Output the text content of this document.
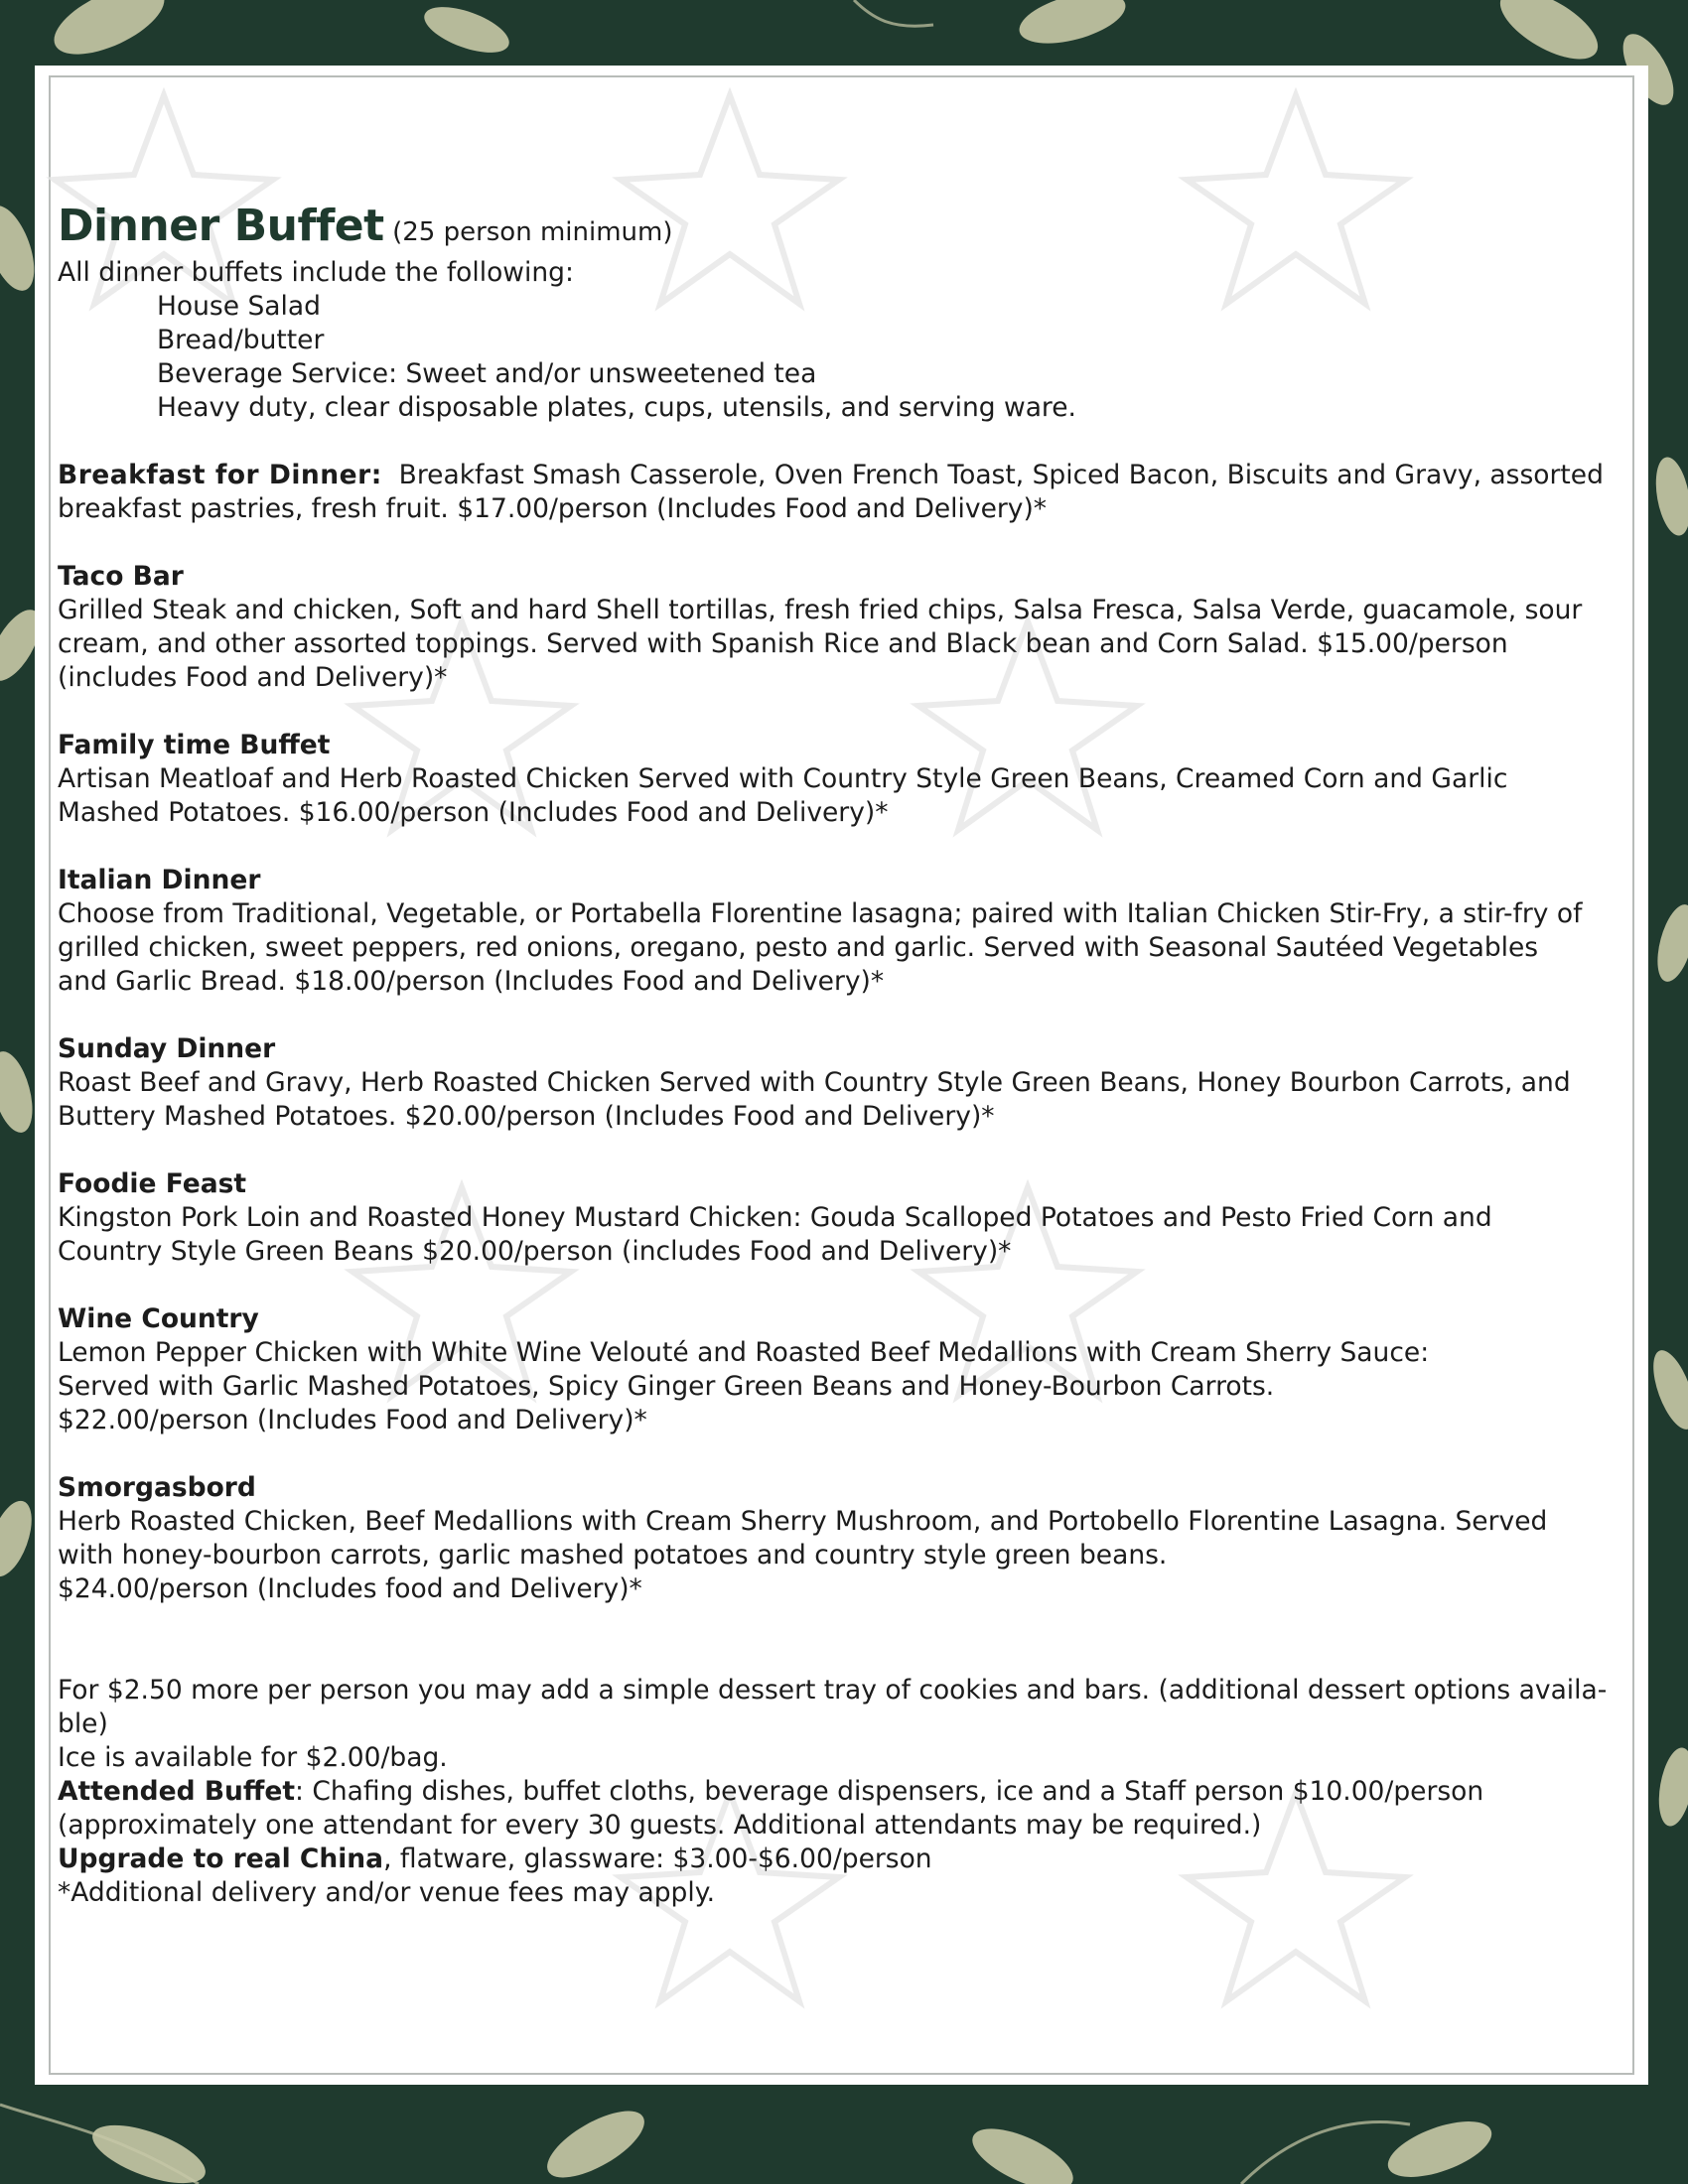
Dinner Buffet (25 person minimum)

All dinner buffets include the following:

House Salad

Bread/butter

Beverage Service: Sweet and/or unsweetened tea

Heavy duty, clear disposable plates, cups, utensils, and serving ware.

Breakfast for Dinner: Breakfast Smash Casserole, Oven French Toast, Spiced Bacon, Biscuits and Gravy, assorted

breakfast pastries, fresh fruit. $17.00/person (Includes Food and Delivery)*

Taco Bar

Grilled Steak and chicken, Soft and hard Shell tortillas, fresh fried chips, Salsa Fresca, Salsa Verde, guacamole, sour

cream, and other assorted toppings. Served with Spanish Rice and Black bean and Corn Salad. $15.00/person

(includes Food and Delivery)*

Family time Buffet

Artisan Meatloaf and Herb Roasted Chicken Served with Country Style Green Beans, Creamed Corn and Garlic

Mashed Potatoes. $16.00/person (Includes Food and Delivery)*

Italian Dinner

Choose from Traditional, Vegetable, or Portabella Florentine lasagna; paired with Italian Chicken Stir-Fry, a stir-fry of

grilled chicken, sweet peppers, red onions, oregano, pesto and garlic. Served with Seasonal Sautéed Vegetables

and Garlic Bread. $18.00/person (Includes Food and Delivery)*

Sunday Dinner

Roast Beef and Gravy, Herb Roasted Chicken Served with Country Style Green Beans, Honey Bourbon Carrots, and

Buttery Mashed Potatoes. $20.00/person (Includes Food and Delivery)*

Foodie Feast

Kingston Pork Loin and Roasted Honey Mustard Chicken: Gouda Scalloped Potatoes and Pesto Fried Corn and

Country Style Green Beans $20.00/person (includes Food and Delivery)*

Wine Country

Lemon Pepper Chicken with White Wine Velouté and Roasted Beef Medallions with Cream Sherry Sauce:

Served with Garlic Mashed Potatoes, Spicy Ginger Green Beans and Honey-Bourbon Carrots.

$22.00/person (Includes Food and Delivery)*

Smorgasbord

Herb Roasted Chicken, Beef Medallions with Cream Sherry Mushroom, and Portobello Florentine Lasagna. Served

with honey-bourbon carrots, garlic mashed potatoes and country style green beans.

$24.00/person (Includes food and Delivery)*

For $2.50 more per person you may add a simple dessert tray of cookies and bars. (additional dessert options availa-

ble)

Ice is available for $2.00/bag.

Attended Buffet: Chafing dishes, buffet cloths, beverage dispensers, ice and a Staff person $10.00/person

(approximately one attendant for every 30 guests. Additional attendants may be required.)

Upgrade to real China, flatware, glassware: $3.00-$6.00/person

*Additional delivery and/or venue fees may apply.
